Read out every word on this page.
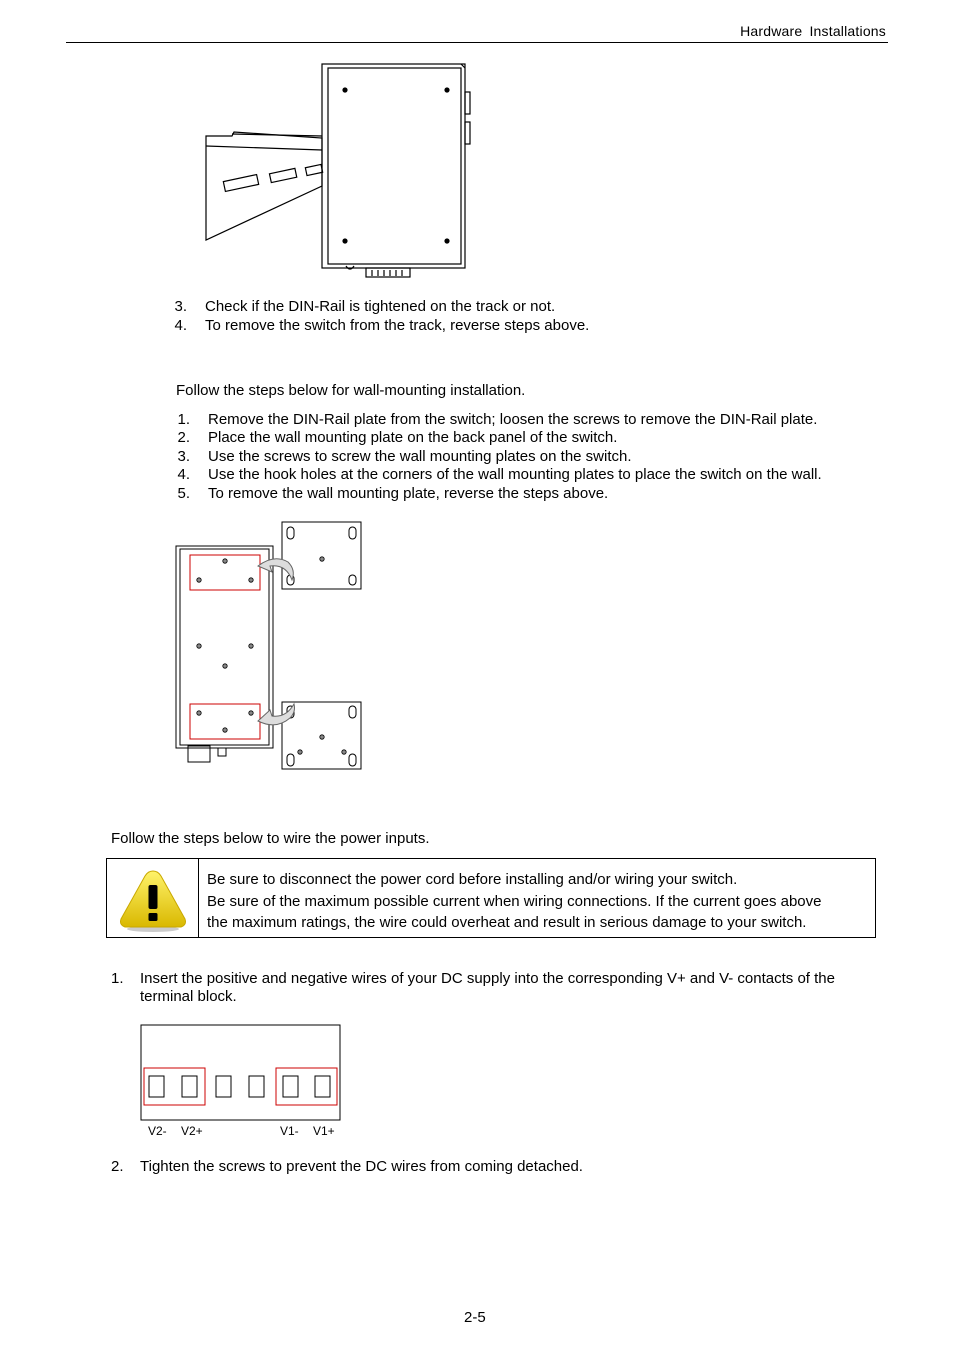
Hardware Installations
3. Check if the DIN-Rail is tightened on the track or not.
4. To remove the switch from the track, reverse steps above.
Follow the steps below for wall-mounting installation.
1. Remove the DIN-Rail plate from the switch; loosen the screws to remove the DIN-Rail plate.
2. Place the wall mounting plate on the back panel of the switch.
3. Use the screws to screw the wall mounting plates on the switch.
4. Use the hook holes at the corners of the wall mounting plates to place the switch on the wall.
5. To remove the wall mounting plate, reverse the steps above.
Follow the steps below to wire the power inputs.
Be sure to disconnect the power cord before installing and/or wiring your switch.
Be sure of the maximum possible current when wiring connections. If the current goes above
the maximum ratings, the wire could overheat and result in serious damage to your switch.
1. Insert the positive and negative wires of your DC supply into the corresponding V+ and V- contacts of the
terminal block.
V2- V2+	V1- V1+
2. Tighten the screws to prevent the DC wires from coming detached.
2-5
